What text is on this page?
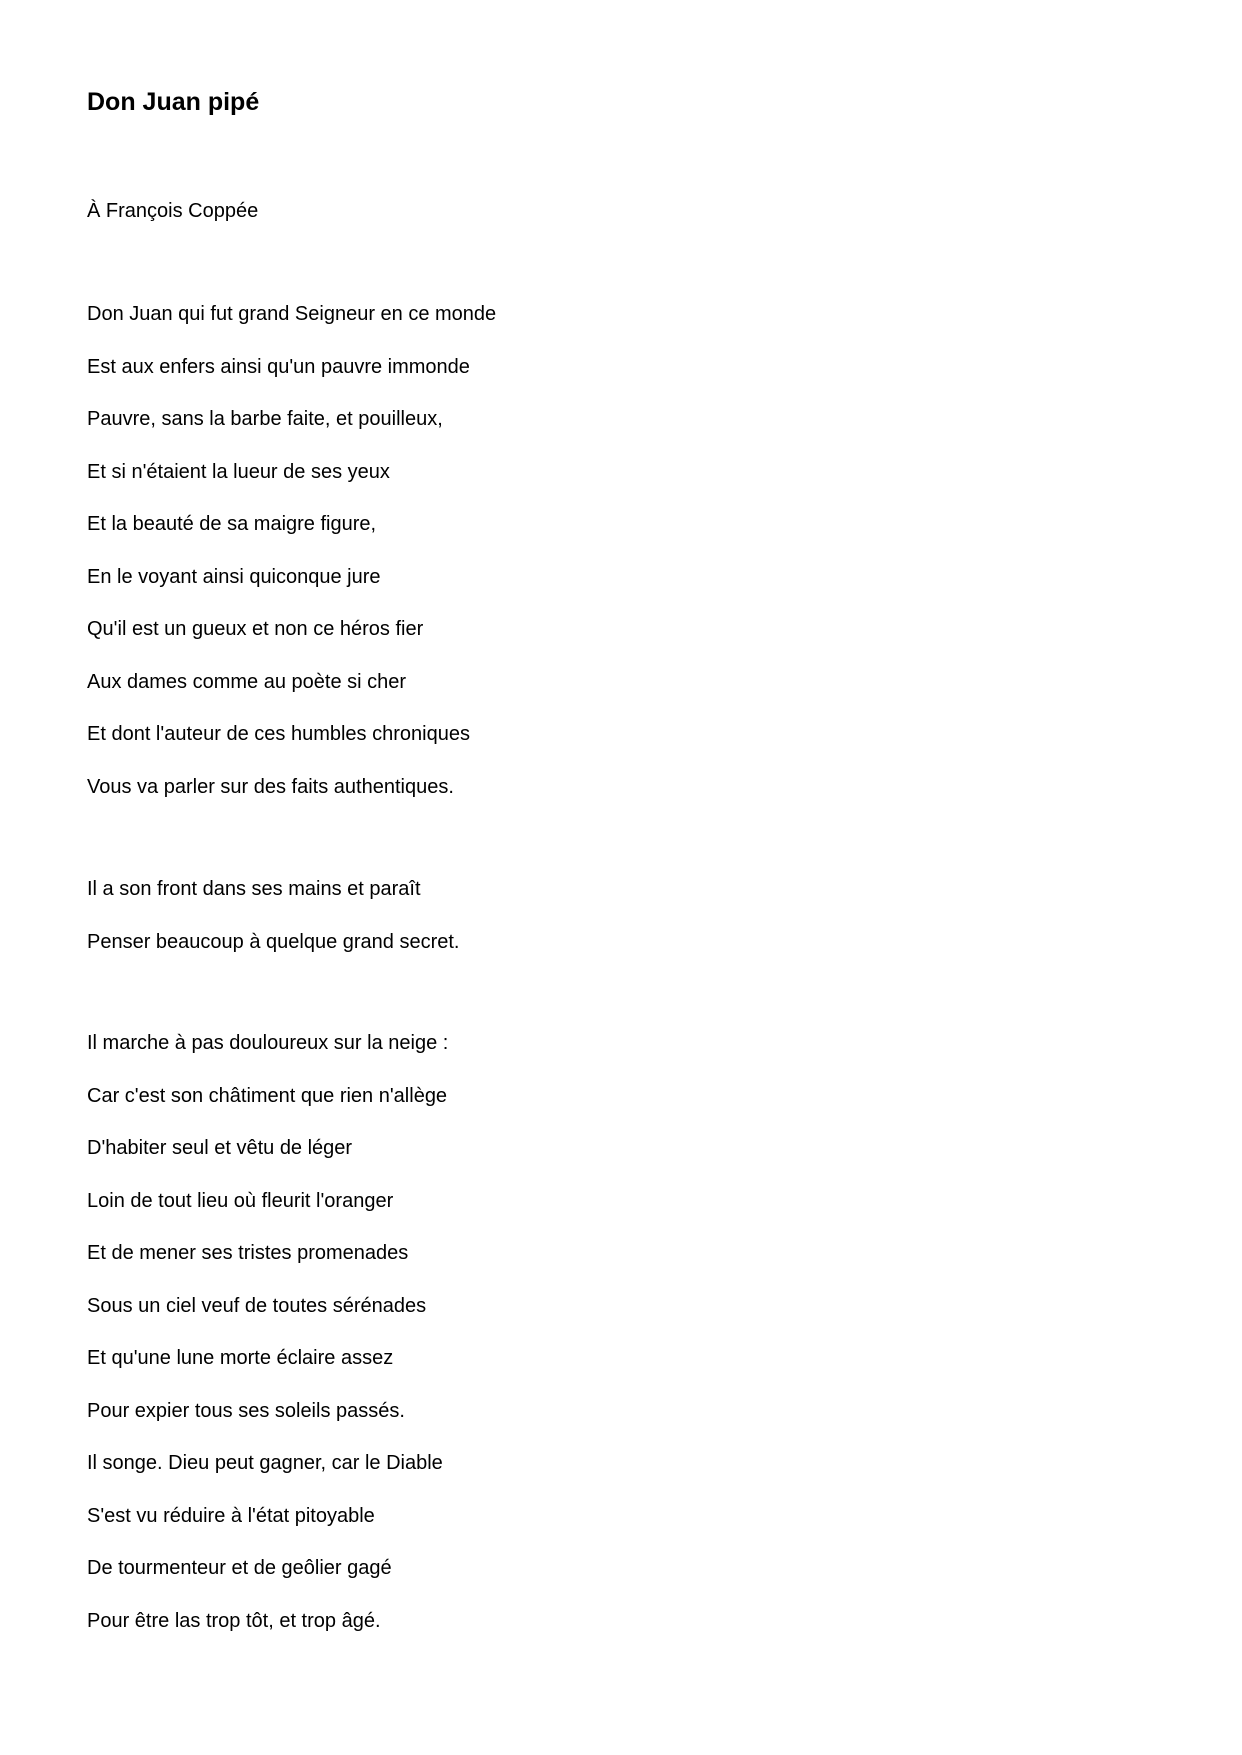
Don Juan pipé

À François Coppée

Don Juan qui fut grand Seigneur en ce monde
Est aux enfers ainsi qu'un pauvre immonde
Pauvre, sans la barbe faite, et pouilleux,
Et si n'étaient la lueur de ses yeux
Et la beauté de sa maigre figure,
En le voyant ainsi quiconque jure
Qu'il est un gueux et non ce héros fier
Aux dames comme au poète si cher
Et dont l'auteur de ces humbles chroniques
Vous va parler sur des faits authentiques.
Il a son front dans ses mains et paraît
Penser beaucoup à quelque grand secret.
Il marche à pas douloureux sur la neige :
Car c'est son châtiment que rien n'allège
D'habiter seul et vêtu de léger
Loin de tout lieu où fleurit l'oranger
Et de mener ses tristes promenades
Sous un ciel veuf de toutes sérénades
Et qu'une lune morte éclaire assez
Pour expier tous ses soleils passés.
Il songe. Dieu peut gagner, car le Diable
S'est vu réduire à l'état pitoyable
De tourmenteur et de geôlier gagé
Pour être las trop tôt, et trop âgé.
